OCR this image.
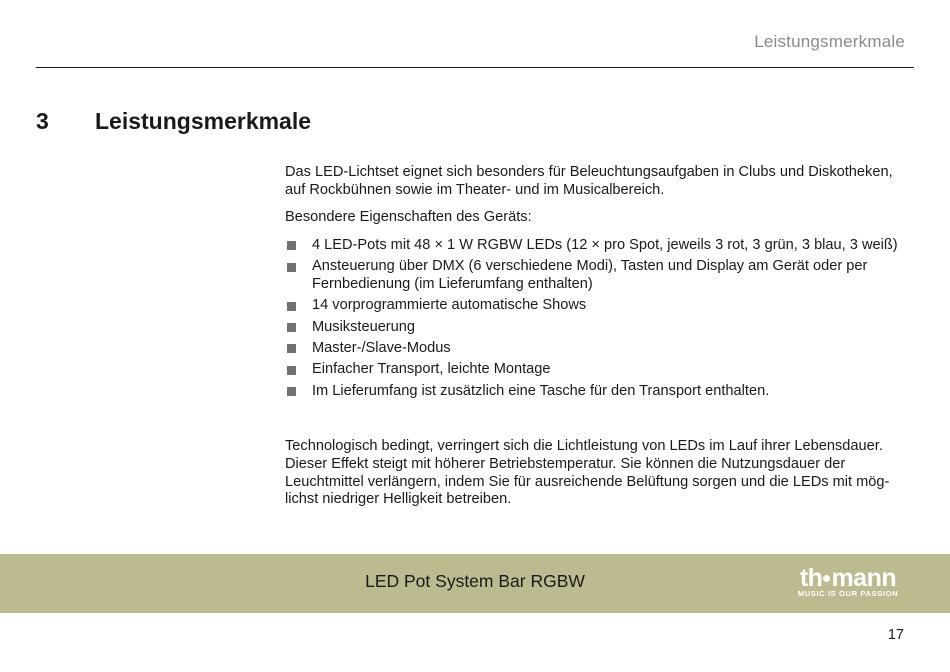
Leistungsmerkmale
3 Leistungsmerkmale

Das LED-Lichtset eignet sich besonders für Beleuchtungsaufgaben in Clubs und Diskotheken, auf Rockbühnen sowie im Theater- und im Musicalbereich.

Besondere Eigenschaften des Geräts:

4 LED-Pots mit 48 × 1 W RGBW LEDs (12 × pro Spot, jeweils 3 rot, 3 grün, 3 blau, 3 weiß)
Ansteuerung über DMX (6 verschiedene Modi), Tasten und Display am Gerät oder per Fernbedienung (im Lieferumfang enthalten)
14 vorprogrammierte automatische Shows
Musiksteuerung
Master-/Slave-Modus
Einfacher Transport, leichte Montage
Im Lieferumfang ist zusätzlich eine Tasche für den Transport enthalten.

Technologisch bedingt, verringert sich die Lichtleistung von LEDs im Lauf ihrer Lebensdauer. Dieser Effekt steigt mit höherer Betriebstemperatur. Sie können die Nutzungsdauer der Leuchtmittel verlängern, indem Sie für ausreichende Belüftung sorgen und die LEDs mit mög-lichst niedriger Helligkeit betreiben.

LED Pot System Bar RGBW	th mann
MUSIC IS OUR PASSION
17
